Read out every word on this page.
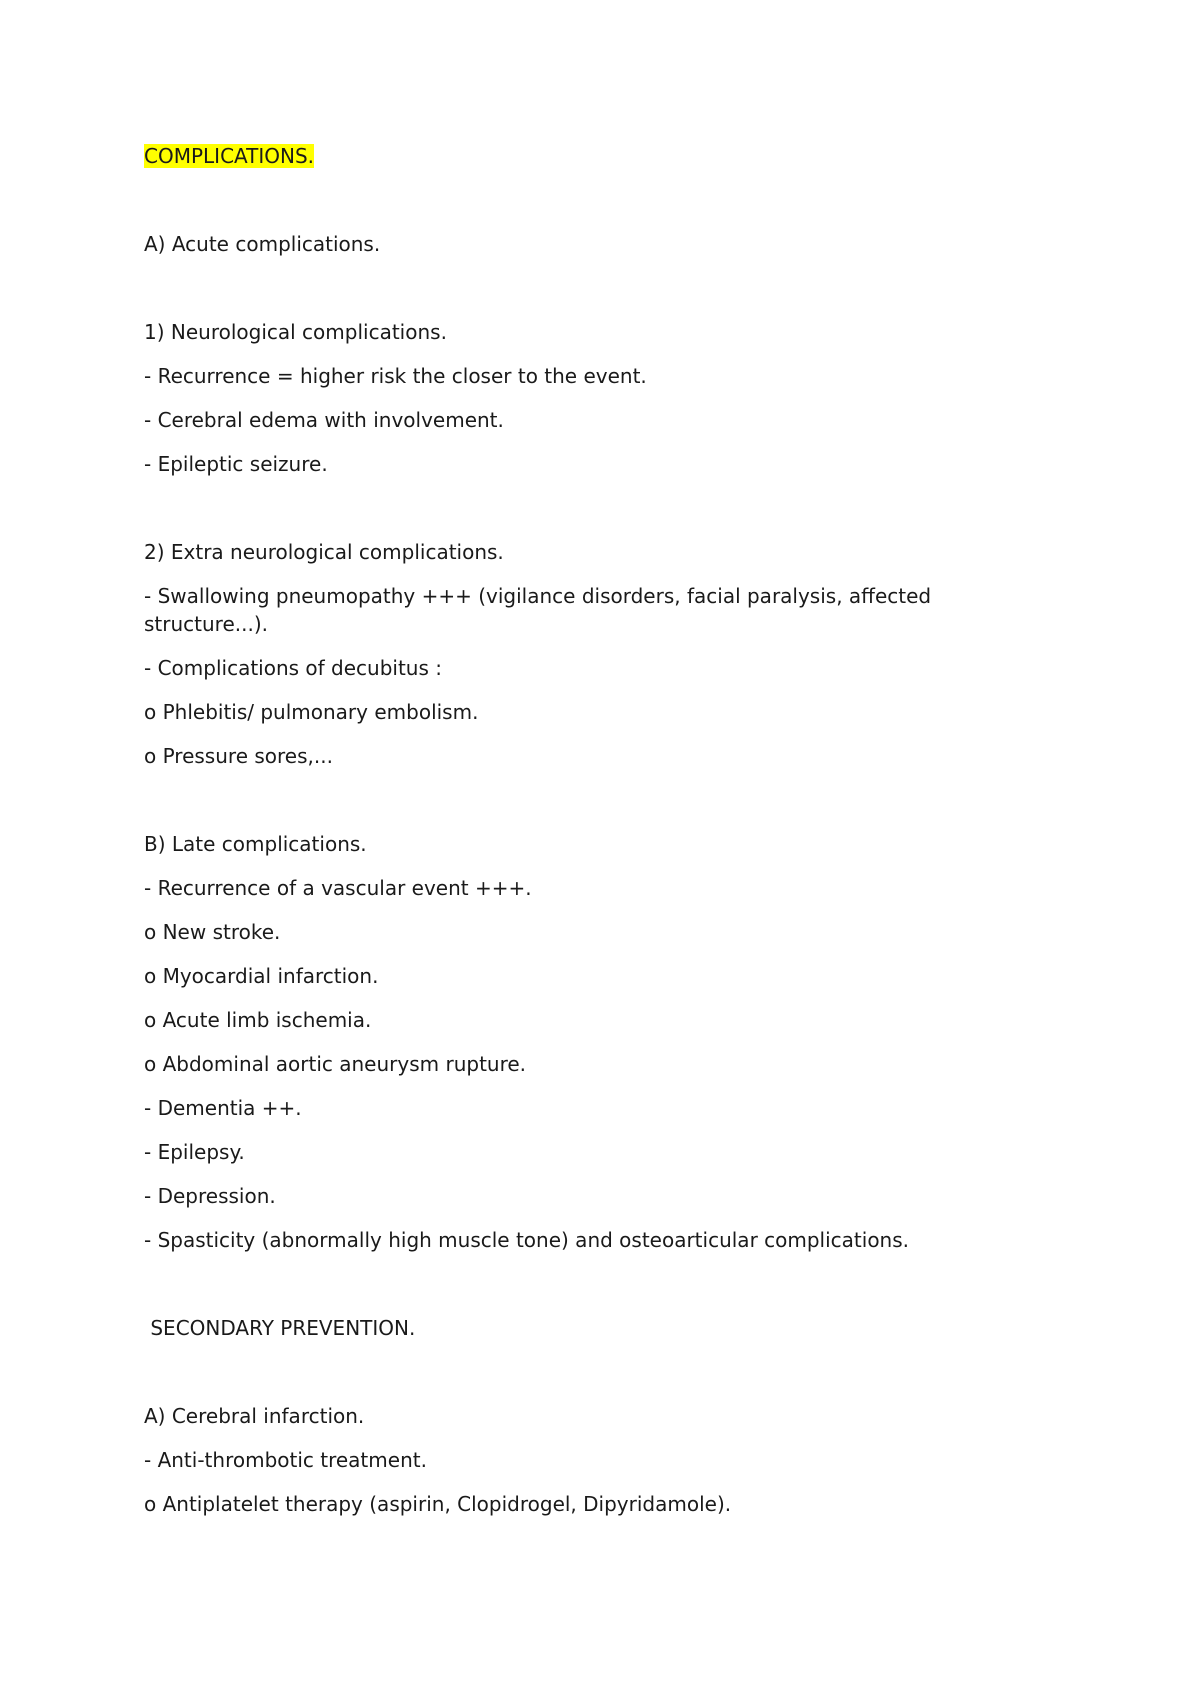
COMPLICATIONS.
A) Acute complications.
1) Neurological complications.
- Recurrence = higher risk the closer to the event.
- Cerebral edema with involvement.
- Epileptic seizure.
2) Extra neurological complications.
- Swallowing pneumopathy +++ (vigilance disorders, facial paralysis, affected structure...).
- Complications of decubitus :
o Phlebitis/ pulmonary embolism.
o Pressure sores,...
B) Late complications.
- Recurrence of a vascular event +++.
o New stroke.
o Myocardial infarction.
o Acute limb ischemia.
o Abdominal aortic aneurysm rupture.
- Dementia ++.
- Epilepsy.
- Depression.
- Spasticity (abnormally high muscle tone) and osteoarticular complications.
SECONDARY PREVENTION.
A) Cerebral infarction.
- Anti-thrombotic treatment.
o Antiplatelet therapy (aspirin, Clopidrogel, Dipyridamole).
